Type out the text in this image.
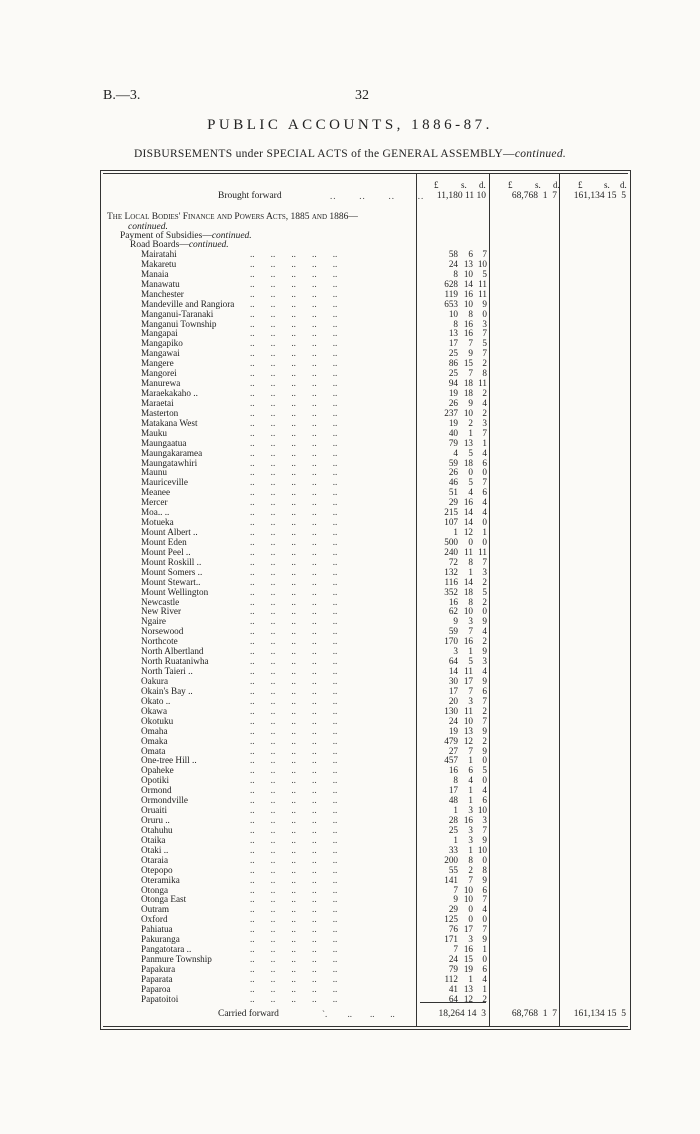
B.—3.	32
PUBLIC ACCOUNTS, 1886-87.
DISBURSEMENTS under SPECIAL ACTS of the GENERAL ASSEMBLY—continued.
£	s. d. £	s. d. £ s. d.
Brought forward	..       ..       ..       ..	11,180 11 10	68,768  1  7	161,134 15  5
The Local Bodies' Finance and Powers Acts, 1885 and 1886—
continued.
Payment of Subsidies—continued.
Road Boards—continued.
Mairatahi	..       ..       ..       ..       ..	58	6	7
Makaretu	..       ..       ..       ..       ..	24 13 10
Manaia	..       ..       ..       ..       ..	8 10	5
Manawatu	..       ..       ..       ..       ..	628 14 11
Manchester	..       ..       ..       ..       ..	119 16 11
Mandeville and Rangiora ..       ..       ..       ..       ..	653 10	9
Manganui-Taranaki	..       ..       ..       ..       ..	10	8	0
Manganui Township	..       ..       ..       ..       ..	8 16	3
Mangapai	..       ..       ..       ..       ..	13 16	7
Mangapiko	..       ..       ..       ..       ..	17	7	5
Mangawai	..       ..       ..       ..       ..	25	9	7
Mangere	..       ..       ..       ..       ..	86 15	2
Mangorei	..       ..       ..       ..       ..	25	7	8
Manurewa	..       ..       ..       ..       ..	94 18 11
Maraekakaho ..	..       ..       ..       ..       ..	19 18	2
Maraetai	..       ..       ..       ..       ..	26	9	4
Masterton	..       ..       ..       ..       ..	237 10	2
Matakana West	..       ..       ..       ..       ..	19	2	3
Mauku	..       ..       ..       ..       ..	40	1	7
Maungaatua	..       ..       ..       ..       ..	79 13	1
Maungakaramea	..       ..       ..       ..       ..	4	5	4
Maungatawhiri	..       ..       ..       ..       ..	59 18	6
Maunu	..       ..       ..       ..       ..	26	0	0
Mauriceville	..       ..       ..       ..       ..	46	5	7
Meanee	..       ..       ..       ..       ..	51	4	6
Mercer	..       ..       ..       ..       ..	29 16	4
Moa.. ..	..       ..       ..       ..       ..	215 14	4
Motueka	..       ..       ..       ..       ..	107 14	0
Mount Albert ..	..       ..       ..       ..       ..	1 12	1
Mount Eden	..       ..       ..       ..       ..	500	0	0
Mount Peel ..	..       ..       ..       ..       ..	240 11 11
Mount Roskill ..	..       ..       ..       ..       ..	72	8	7
Mount Somers ..	..       ..       ..       ..       ..	132	1	3
Mount Stewart..	..       ..       ..       ..       ..	116 14	2
Mount Wellington	..       ..       ..       ..       ..	352 18	5
Newcastle	..       ..       ..       ..       ..	16	8	2
New River	..       ..       ..       ..       ..	62 10	0
Ngaire	..       ..       ..       ..       ..	9	3	9
Norsewood	..       ..       ..       ..       ..	59	7	4
Northcote	..       ..       ..       ..       ..	170 16	2
North Albertland	..       ..       ..       ..       ..	3	1	9
North Ruataniwha	..       ..       ..       ..       ..	64	5	3
North Taieri ..	..       ..       ..       ..       ..	14 11	4
Oakura	..       ..       ..       ..       ..	30 17	9
Okain's Bay ..	..       ..       ..       ..       ..	17	7	6
Okato ..	..       ..       ..       ..       ..	20	3	7
Okawa	..       ..       ..       ..       ..	130 11	2
Okotuku	..       ..       ..       ..       ..	24 10	7
Omaha	..       ..       ..       ..       ..	19 13	9
Omaka	..       ..       ..       ..       ..	479 12	2
Omata	..       ..       ..       ..       ..	27	7	9
One-tree Hill ..	..       ..       ..       ..       ..	457	1	0
Opaheke	..       ..       ..       ..       ..	16	6	5
Opotiki	..       ..       ..       ..       ..	8	4	0
Ormond	..       ..       ..       ..       ..	17	1	4
Ormondville	..       ..       ..       ..       ..	48	1	6
Oruaiti	..       ..       ..       ..       ..	1	3 10
Oruru ..	..       ..       ..       ..       ..	28 16	3
Otahuhu	..       ..       ..       ..       ..	25	3	7
Otaika	..       ..       ..       ..       ..	1	3	9
Otaki ..	..       ..       ..       ..       ..	33	1 10
Otaraia	..       ..       ..       ..       ..	200	8	0
Otepopo	..       ..       ..       ..       ..	55	2	8
Oteramika	..       ..       ..       ..       ..	141	7	9
Otonga	..       ..       ..       ..       ..	7 10	6
Otonga East	..       ..       ..       ..       ..	9 10	7
Outram	..       ..       ..       ..       ..	29	0	4
Oxford	..       ..       ..       ..       ..	125	0	0
Pahiatua	..       ..       ..       ..       ..	76 17	7
Pakuranga	..       ..       ..       ..       ..	171	3	9
Pangatotara ..	..       ..       ..       ..       ..	7 16	1
Panmure Township	..       ..       ..       ..       ..	24 15	0
Papakura	..       ..       ..       ..       ..	79 19	6
Paparata	..       ..       ..       ..       ..	112	1	4
Paparoa	..       ..       ..       ..       ..	41 13	1
Papatoitoi	..       ..       ..       ..       ..	64 12	2
Carried forward	`.         ..        ..       ..	18,264 14  3	68,768  1  7	161,134 15  5
